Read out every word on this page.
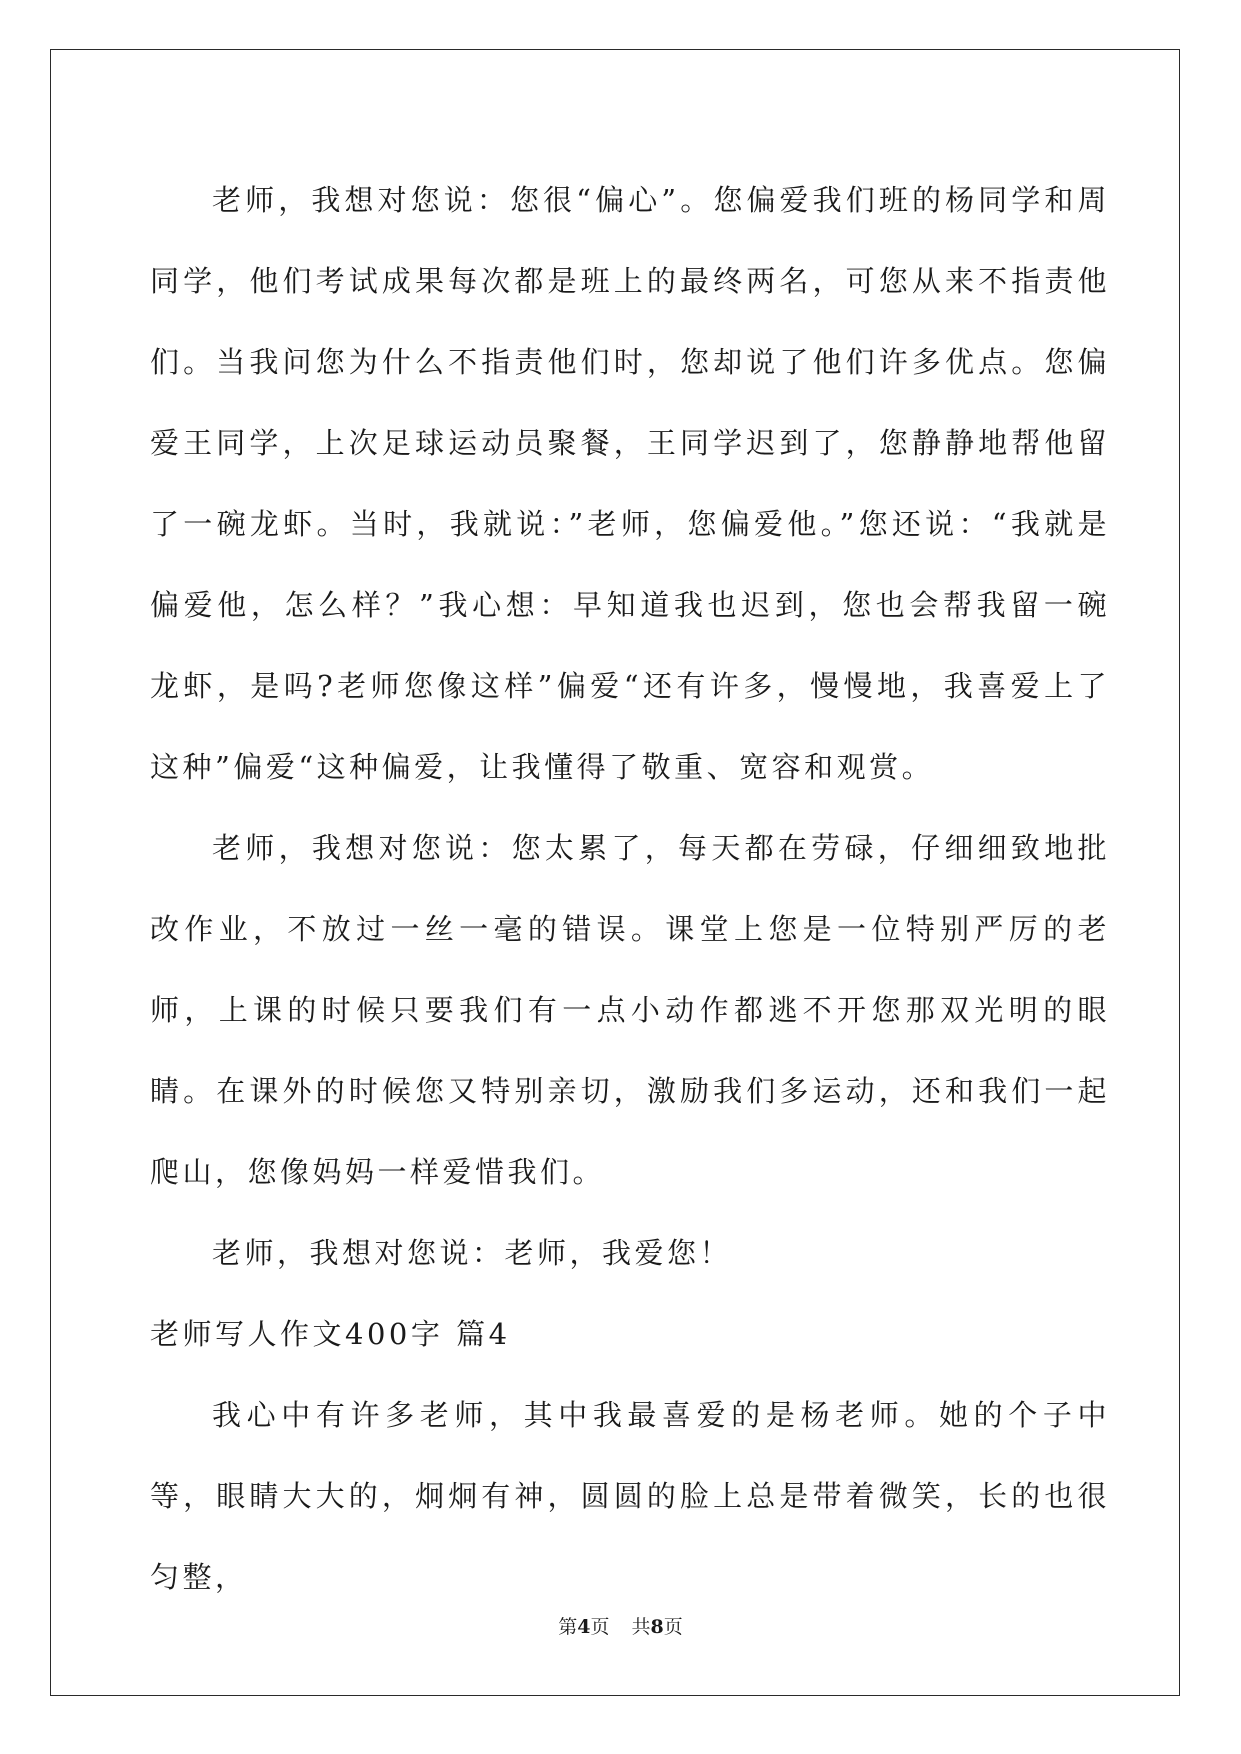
老师，我想对您说：您很“偏心”。您偏爱我们班的杨同学和周同学，他们考试成果每次都是班上的最终两名，可您从来不指责他们。当我问您为什么不指责他们时，您却说了他们许多优点。您偏爱王同学，上次足球运动员聚餐，王同学迟到了，您静静地帮他留了一碗龙虾。当时，我就说：”老师，您偏爱他。”您还说：“我就是偏爱他，怎么样？”我心想：早知道我也迟到，您也会帮我留一碗龙虾，是吗?老师您像这样”偏爱“还有许多，慢慢地，我喜爱上了这种”偏爱“这种偏爱，让我懂得了敬重、宽容和观赏。

老师，我想对您说：您太累了，每天都在劳碌，仔细细致地批改作业，不放过一丝一毫的错误。课堂上您是一位特别严厉的老师，上课的时候只要我们有一点小动作都逃不开您那双光明的眼睛。在课外的时候您又特别亲切，激励我们多运动，还和我们一起爬山，您像妈妈一样爱惜我们。

老师，我想对您说：老师，我爱您！

老师写人作文400字 篇4

我心中有许多老师，其中我最喜爱的是杨老师。她的个子中等，眼睛大大的，炯炯有神，圆圆的脸上总是带着微笑，长的也很匀整，

第4页 共8页
